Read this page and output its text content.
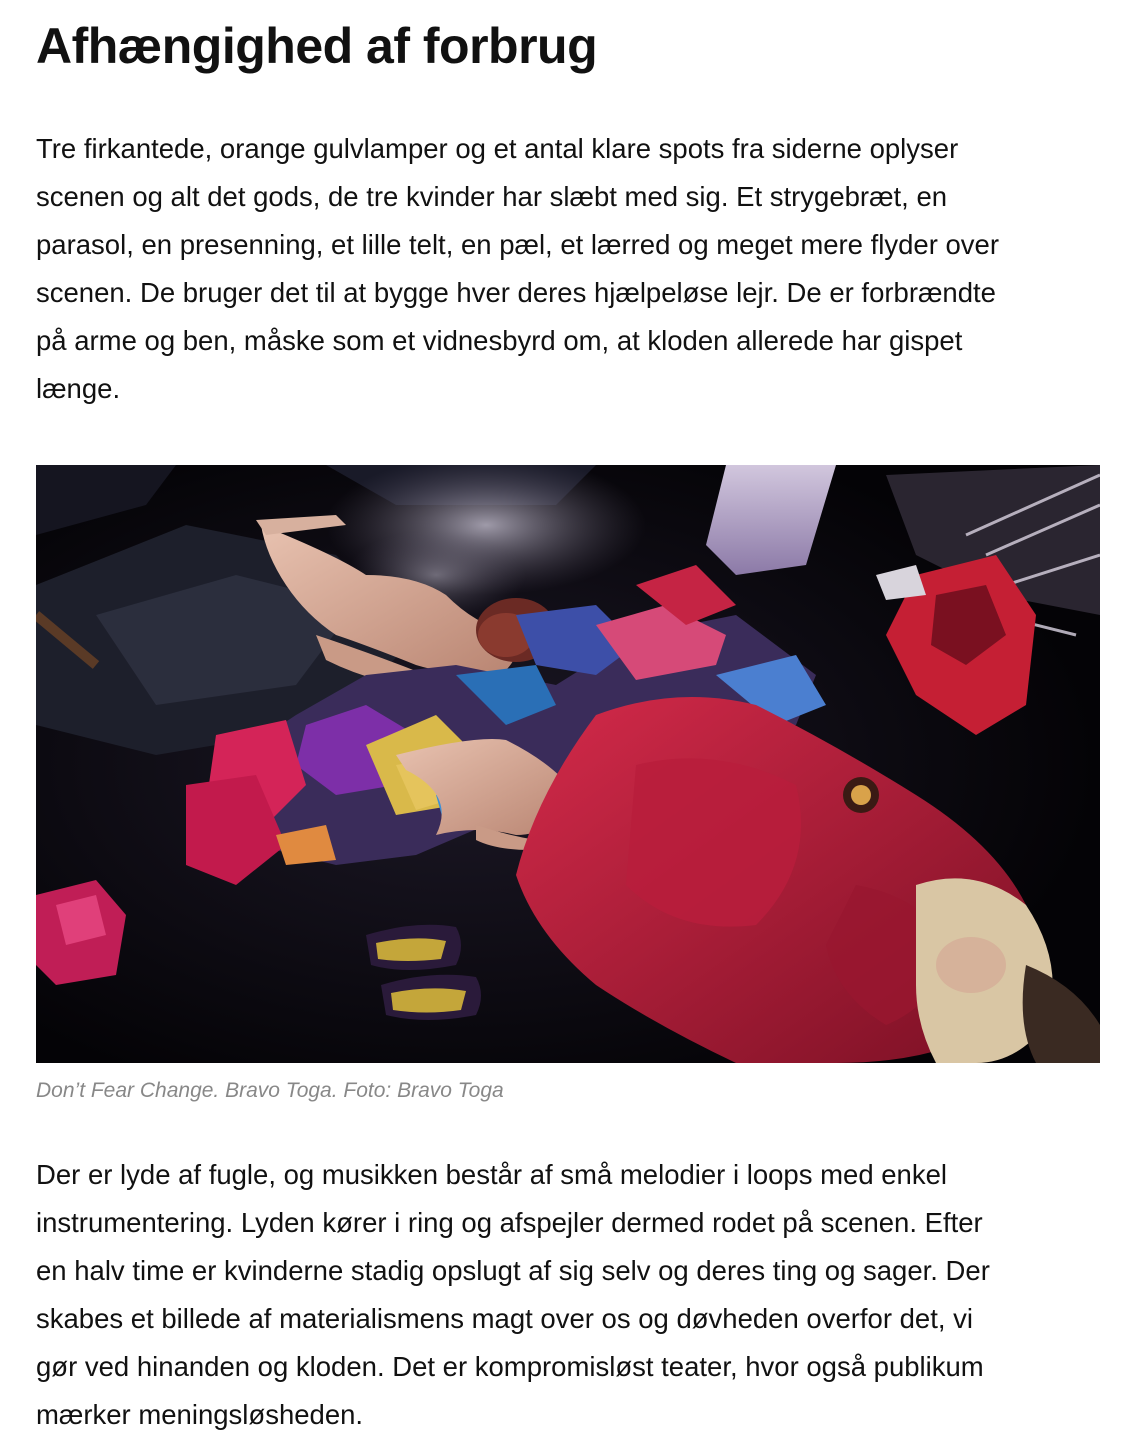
Afhængighed af forbrug

Tre firkantede, orange gulvlamper og et antal klare spots fra siderne oplyser
scenen og alt det gods, de tre kvinder har slæbt med sig. Et strygebræt, en
parasol, en presenning, et lille telt, en pæl, et lærred og meget mere flyder over
scenen. De bruger det til at bygge hver deres hjælpeløse lejr. De er forbrændte
på arme og ben, måske som et vidnesbyrd om, at kloden allerede har gispet
længe.

Don’t Fear Change. Bravo Toga. Foto: Bravo Toga

Der er lyde af fugle, og musikken består af små melodier i loops med enkel
instrumentering. Lyden kører i ring og afspejler dermed rodet på scenen. Efter
en halv time er kvinderne stadig opslugt af sig selv og deres ting og sager. Der
skabes et billede af materialismens magt over os og døvheden overfor det, vi
gør ved hinanden og kloden. Det er kompromisløst teater, hvor også publikum
mærker meningsløsheden.
